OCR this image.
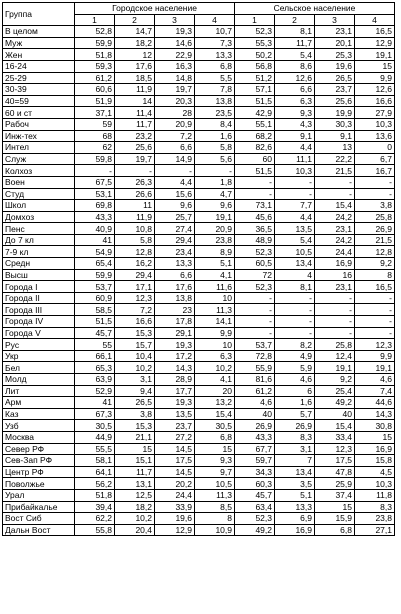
Группа	Городское население				Сельское население			
	1	2	3	4	1	2	3	4
В целом	52,8	14,7	19,3	10,7	52,3	8,1	23,1	16,5
Муж	59,9	18,2	14,6	7,3	55,3	11,7	20,1	12,9
Жен	51,8	12	22,9	13,3	50,2	5,4	25,3	19,1
16-24	59,3	17,6	16,3	6,8	56,8	8,6	19,6	15
25-29	61,2	18,5	14,8	5,5	51,2	12,6	26,5	9,9
30-39	60,6	11,9	19,7	7,8	57,1	6,6	23,7	12,6
40=59	51,9	14	20,3	13,8	51,5	6,3	25,6	16,6
60 и ст	37,1	11,4	28	23,5	42,9	9,3	19,9	27,9
Рабоч	59	11,7	20,9	8,4	55,1	4,3	30,3	10,3
Инж-тех	68	23,2	7,2	1,6	68,2	9,1	9,1	13,6
Интел	62	25,6	6,6	5,8	82,6	4,4	13	0
Служ	59,8	19,7	14,9	5,6	60	11,1	22,2	6,7
Колхоз	-	-	-	-	51,5	10,3	21,5	16,7
Воен	67,5	26,3	4,4	1,8	-	-	-	-
Студ	53,1	26,6	15,6	4,7	-	-	-	-
Школ	69,8	11	9,6	9,6	73,1	7,7	15,4	3,8
Домхоз	43,3	11,9	25,7	19,1	45,6	4,4	24,2	25,8
Пенс	40,9	10,8	27,4	20,9	36,5	13,5	23,1	26,9
До 7 кл	41	5,8	29,4	23,8	48,9	5,4	24,2	21,5
7-9 кл	54,9	12,8	23,4	8,9	52,3	10,5	24,4	12,8
Средн	65,4	16,2	13,3	5,1	60,5	13,4	16,9	9,2
Высш	59,9	29,4	6,6	4,1	72	4	16	8
Города I	53,7	17,1	17,6	11,6	52,3	8,1	23,1	16,5
Города II	60,9	12,3	13,8	10	-	-	-	-
Города III	58,5	7,2	23	11,3	-	-	-	-
Города IV	51,5	16,6	17,8	14,1	-	-	-	-
Города V	45,7	15,3	29,1	9,9	-	-	-	-
Рус	55	15,7	19,3	10	53,7	8,2	25,8	12,3
Укр	66,1	10,4	17,2	6,3	72,8	4,9	12,4	9,9
Бел	65,3	10,2	14,3	10,2	55,9	5,9	19,1	19,1
Молд	63,9	3,1	28,9	4,1	81,6	4,6	9,2	4,6
Лит	52,9	9,4	17,7	20	61,2	6	25,4	7,4
Арм	41	26,5	19,3	13,2	4,6	1,6	49,2	44,6
Каз	67,3	3,8	13,5	15,4	40	5,7	40	14,3
Узб	30,5	15,3	23,7	30,5	26,9	26,9	15,4	30,8
Москва	44,9	21,1	27,2	6,8	43,3	8,3	33,4	15
Север РФ	55,5	15	14,5	15	67,7	3,1	12,3	16,9
Сев-Зап РФ	58,1	15,1	17,5	9,3	59,7	7	17,5	15,8
Центр РФ	64,1	11,7	14,5	9,7	34,3	13,4	47,8	4,5
Поволжье	56,2	13,1	20,2	10,5	60,3	3,5	25,9	10,3
Урал	51,8	12,5	24,4	11,3	45,7	5,1	37,4	11,8
Прибайкалье	39,4	18,2	33,9	8,5	63,4	13,3	15	8,3
Вост Сиб	62,2	10,2	19,6	8	52,3	6,9	15,9	23,8
Дальн Вост	55,8	20,4	12,9	10,9	49,2	16,9	6,8	27,1
